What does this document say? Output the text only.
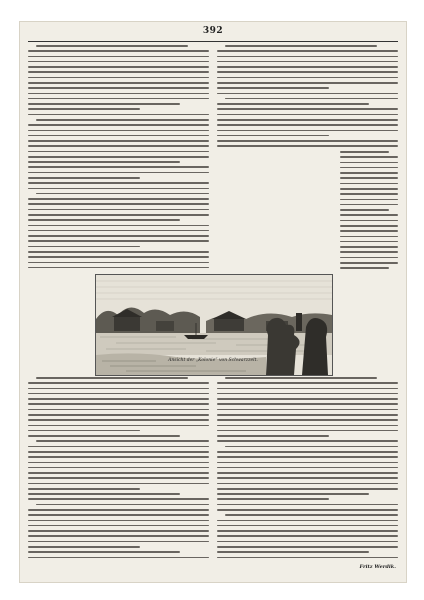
392
Ansicht der „Kolonie“ von Schwarzzelt.
Fritz Werdik.
